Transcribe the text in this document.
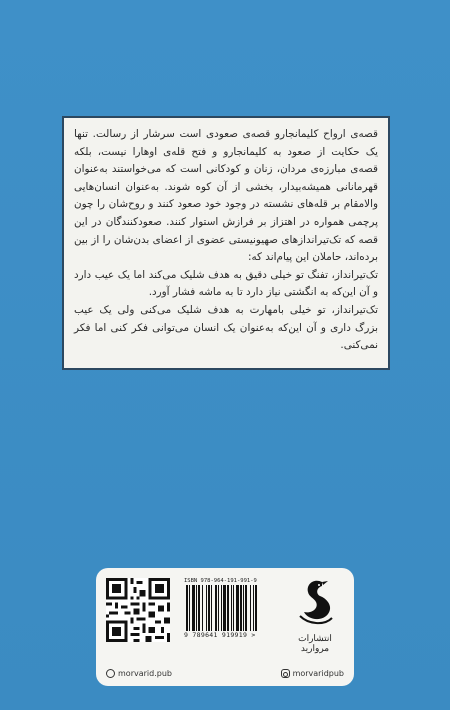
قصه‌ی ارواح کلیمانجارو قصه‌ی صعودی است سرشار از رسالت. تنها یک حکایت از صعود به کلیمانجارو و فتح قله‌ی اوهارا نیست، بلکه قصه‌ی مبارزه‌ی مردان، زنان و کودکانی است که می‌خواستند به‌عنوان قهرمانانی همیشه‌بیدار، بخشی از آن کوه شوند. به‌عنوان انسان‌هایی والامقام بر قله‌های نشسته در وجود خود صعود کنند و روح‌شان را چون پرچمی همواره در اهتزاز بر فرازش استوار کنند. صعودکنندگان در این قصه که تک‌تیراندازهای صهیونیستی عضوی از اعضای بدن‌شان را از بین برده‌اند، حاملان این پیام‌اند که:

تک‌تیرانداز، تفنگ تو خیلی دقیق به هدف شلیک می‌کند اما یک عیب دارد و آن این‌که به انگشتی نیاز دارد تا به ماشه فشار آورد.

تک‌تیرانداز، تو خیلی بامهارت به هدف شلیک می‌کنی ولی یک عیب بزرگ داری و آن این‌که به‌عنوان یک انسان می‌توانی فکر کنی اما فکر نمی‌کنی.

ISBN 978-964-191-991-9
9 789641 919919 >	انتشارات مروارید
morvarid.pub	morvaridpub
